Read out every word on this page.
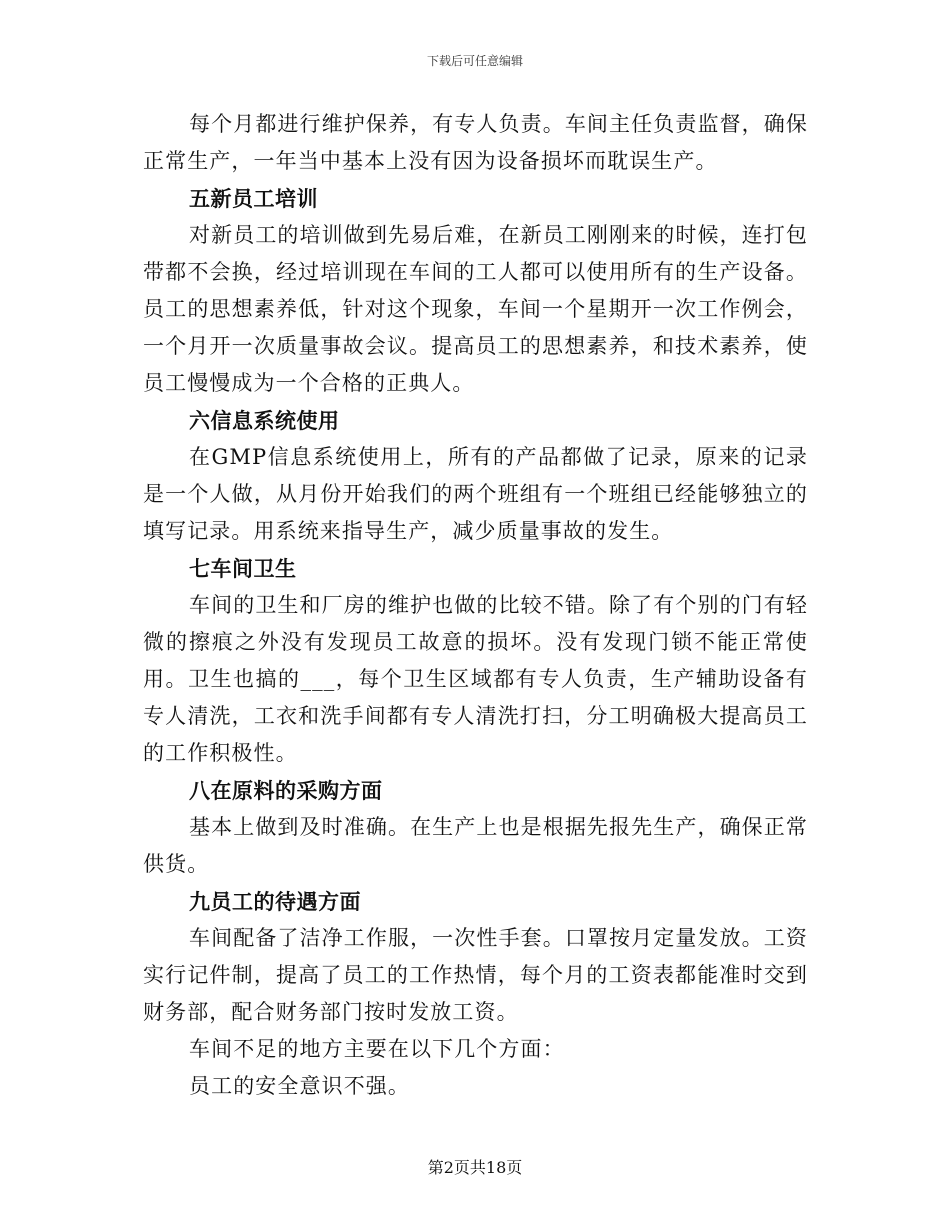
下载后可任意编辑

每个月都进行维护保养，有专人负责。车间主任负责监督，确保正常生产，一年当中基本上没有因为设备损坏而耽误生产。

五新员工培训

对新员工的培训做到先易后难，在新员工刚刚来的时候，连打包带都不会换，经过培训现在车间的工人都可以使用所有的生产设备。员工的思想素养低，针对这个现象，车间一个星期开一次工作例会，一个月开一次质量事故会议。提高员工的思想素养，和技术素养，使员工慢慢成为一个合格的正典人。

六信息系统使用

在GMP信息系统使用上，所有的产品都做了记录，原来的记录是一个人做，从月份开始我们的两个班组有一个班组已经能够独立的填写记录。用系统来指导生产，减少质量事故的发生。

七车间卫生

车间的卫生和厂房的维护也做的比较不错。除了有个别的门有轻微的擦痕之外没有发现员工故意的损坏。没有发现门锁不能正常使用。卫生也搞的___，每个卫生区域都有专人负责，生产辅助设备有专人清洗，工衣和洗手间都有专人清洗打扫，分工明确极大提高员工的工作积极性。

八在原料的采购方面

基本上做到及时准确。在生产上也是根据先报先生产，确保正常供货。

九员工的待遇方面

车间配备了洁净工作服，一次性手套。口罩按月定量发放。工资实行记件制，提高了员工的工作热情，每个月的工资表都能准时交到财务部，配合财务部门按时发放工资。

车间不足的地方主要在以下几个方面：

员工的安全意识不强。

第2页共18页
